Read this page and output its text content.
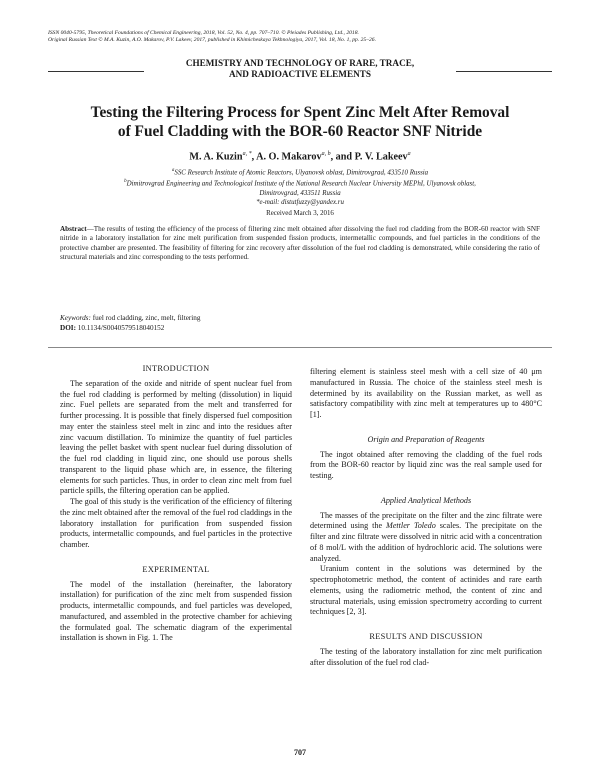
ISSN 0040-5795, Theoretical Foundations of Chemical Engineering, 2018, Vol. 52, No. 4, pp. 707–710. © Pleiades Publishing, Ltd., 2018.
Original Russian Text © M.A. Kuzin, A.O. Makarov, P.V. Lakeev, 2017, published in Khimicheskaya Tekhnologiya, 2017, Vol. 18, No. 1, pp. 25–26.
CHEMISTRY AND TECHNOLOGY OF RARE, TRACE,
AND RADIOACTIVE ELEMENTS
Testing the Filtering Process for Spent Zinc Melt After Removal
of Fuel Cladding with the BOR-60 Reactor SNF Nitride
M. A. Kuzin$^{a, *}$, A. O. Makarov$^{a, b}$, and P. V. Lakeev$^a$
$^a$SSC Research Institute of Atomic Reactors, Ulyanovsk oblast, Dimitrovgrad, 433510 Russia
$^b$Dimitrovgrad Engineering and Technological Institute of the National Research Nuclear University MEPhI, Ulyanovsk oblast,
Dimitrovgrad, 433511 Russia
*e-mail: distutfuzzy@yandex.ru
Received March 3, 2016
Abstract—The results of testing the efficiency of the process of filtering zinc melt obtained after dissolving the fuel rod cladding from the BOR-60 reactor with SNF nitride in a laboratory installation for zinc melt purification from suspended fission products, intermetallic compounds, and fuel particles in the conditions of the protective chamber are presented. The feasibility of filtering for zinc recovery after dissolution of the fuel rod cladding is demonstrated, while considering the ratio of structural materials and zinc corresponding to the tests performed.
Keywords: fuel rod cladding, zinc, melt, filtering
DOI: 10.1134/S0040579518040152
INTRODUCTION

The separation of the oxide and nitride of spent nuclear fuel from the fuel rod cladding is performed by melting (dissolution) in liquid zinc. Fuel pellets are separated from the melt and transferred for further processing. It is possible that finely dispersed fuel composition may enter the stainless steel melt in zinc and into the residues after zinc vacuum distillation. To minimize the quantity of fuel particles leaving the pellet basket with spent nuclear fuel during dissolution of the fuel rod cladding in liquid zinc, one should use porous shells transparent to the liquid phase which are, in essence, the filtering elements for such particles. Thus, in order to clean zinc melt from fuel particle spills, the filtering operation can be applied.

The goal of this study is the verification of the efficiency of filtering the zinc melt obtained after the removal of the fuel rod claddings in the laboratory installation for purification from suspended fission products, intermetallic compounds, and fuel particles in the protective chamber.

EXPERIMENTAL

The model of the installation (hereinafter, the laboratory installation) for purification of the zinc melt from suspended fission products, intermetallic compounds, and fuel particles was developed, manufactured, and assembled in the protective chamber for achieving the formulated goal. The schematic diagram of the experimental installation is shown in Fig. 1. The

filtering element is stainless steel mesh with a cell size of 40 μm manufactured in Russia. The choice of the stainless steel mesh is determined by its availability on the Russian market, as well as satisfactory compatibility with zinc melt at temperatures up to 480°C [1].

Origin and Preparation of Reagents

The ingot obtained after removing the cladding of the fuel rods from the BOR-60 reactor by liquid zinc was the real sample used for testing.

Applied Analytical Methods

The masses of the precipitate on the filter and the zinc filtrate were determined using the Mettler Toledo scales. The precipitate on the filter and zinc filtrate were dissolved in nitric acid with a concentration of 8 mol/L with the addition of hydrochloric acid. The solutions were analyzed.

Uranium content in the solutions was determined by the spectrophotometric method, the content of actinides and rare earth elements, using the radiometric method, the content of zinc and structural materials, using emission spectrometry according to current techniques [2, 3].

RESULTS AND DISCUSSION

The testing of the laboratory installation for zinc melt purification after dissolution of the fuel rod clad-

707
